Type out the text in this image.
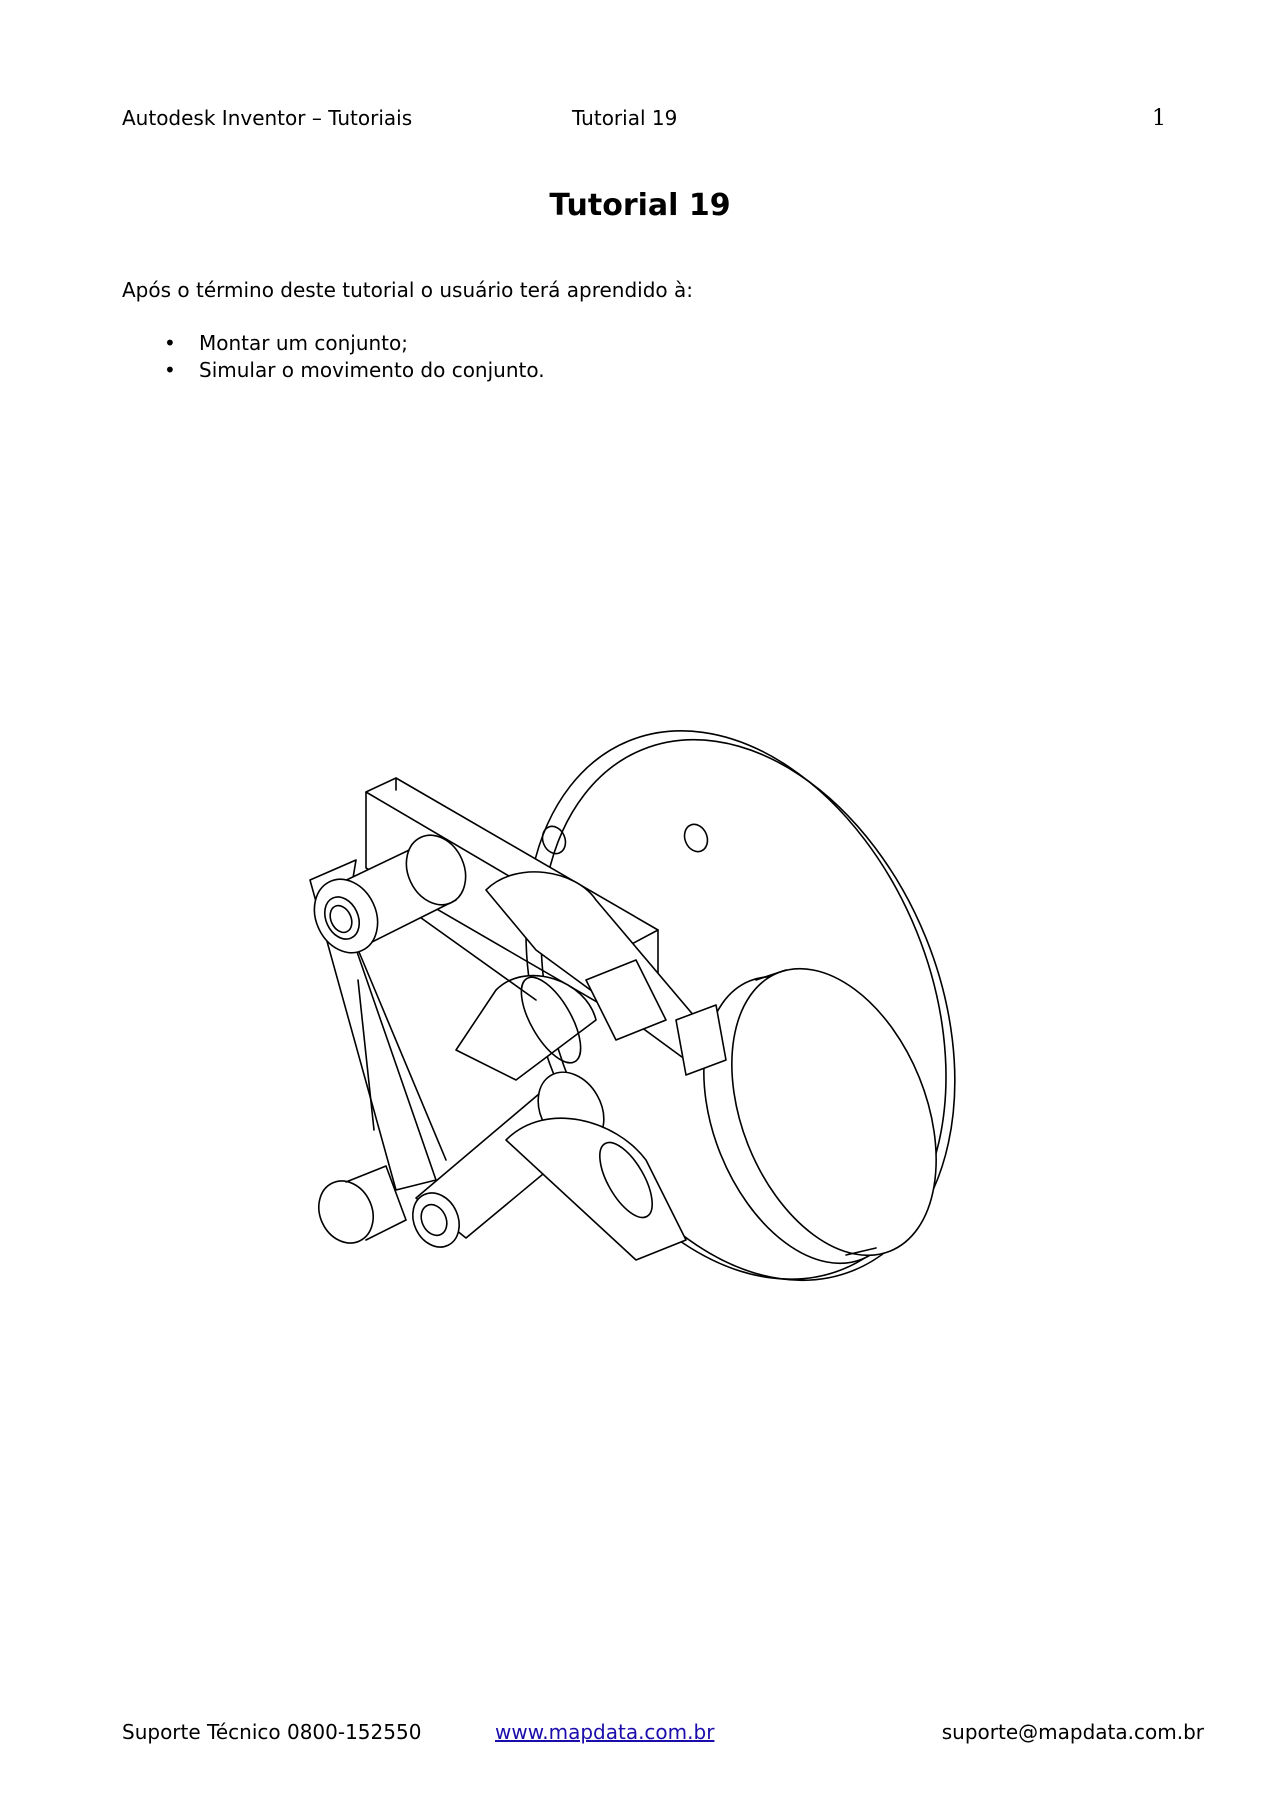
Autodesk Inventor – Tutoriais	Tutorial 19	1
Tutorial 19
Após o término deste tutorial o usuário terá aprendido à:
• Montar um conjunto;
• Simular o movimento do conjunto.
Suporte Técnico 0800-152550	www.mapdata.com.br	suporte@mapdata.com.br
